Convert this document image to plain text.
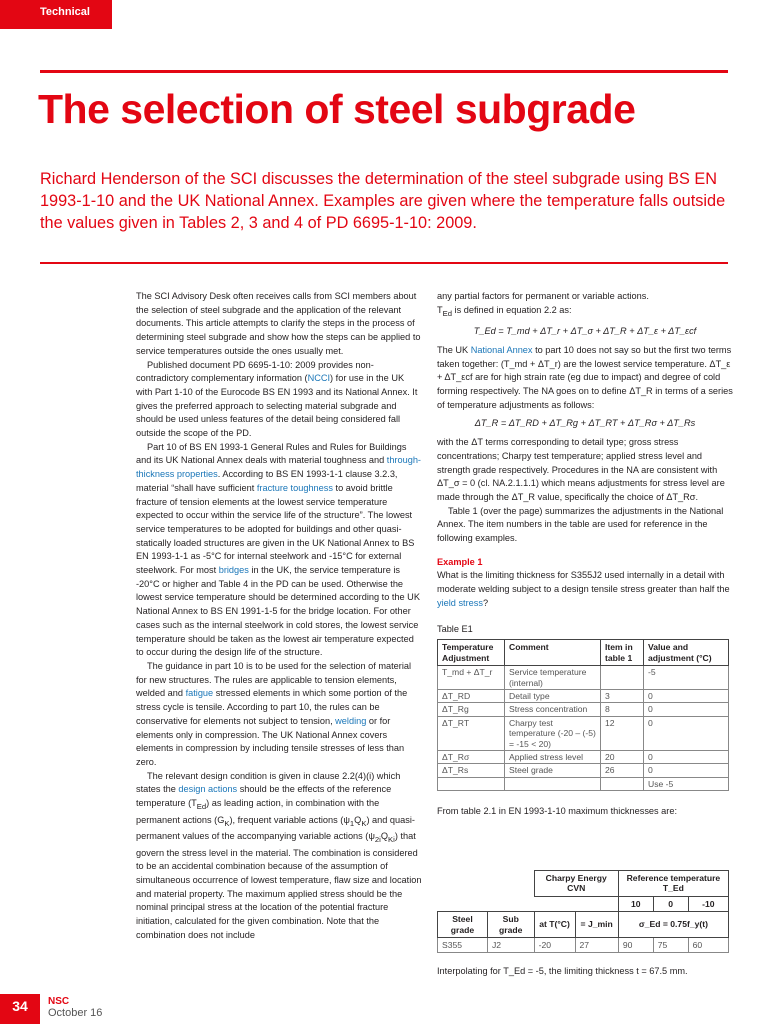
Technical
The selection of steel subgrade

Richard Henderson of the SCI discusses the determination of the steel subgrade using BS EN 1993-1-10 and the UK National Annex. Examples are given where the temperature falls outside the values given in Tables 2, 3 and 4 of PD 6695-1-10: 2009.

The SCI Advisory Desk often receives calls from SCI members about the selection of steel subgrade and the application of the relevant documents. This article attempts to clarify the steps in the process of determining steel subgrade and show how the steps can be applied to service temperatures outside the ones usually met.

Published document PD 6695-1-10: 2009 provides non-contradictory complementary information (NCCI) for use in the UK with Part 1-10 of the Eurocode BS EN 1993 and its National Annex. It gives the preferred approach to selecting material subgrade and should be used unless features of the detail being considered fall outside the scope of the PD.

Part 10 of BS EN 1993-1 General Rules and Rules for Buildings and its UK National Annex deals with material toughness and through-thickness properties. According to BS EN 1993-1-1 clause 3.2.3, material “shall have sufficient fracture toughness to avoid brittle fracture of tension elements at the lowest service temperature expected to occur within the service life of the structure”. The lowest service temperatures to be adopted for buildings and other quasi-statically loaded structures are given in the UK National Annex to BS EN 1993-1-1 as -5°C for internal steelwork and -15°C for external steelwork. For most bridges in the UK, the service temperature is -20°C or higher and Table 4 in the PD can be used. Otherwise the lowest service temperature should be determined according to the UK National Annex to BS EN 1991-1-5 for the bridge location. For other cases such as the internal steelwork in cold stores, the lowest service temperature should be taken as the lowest air temperature expected to occur during the design life of the structure.

The guidance in part 10 is to be used for the selection of material for new structures. The rules are applicable to tension elements, welded and fatigue stressed elements in which some portion of the stress cycle is tensile. According to part 10, the rules can be conservative for elements not subject to tension, welding or for elements only in compression. The UK National Annex covers elements in compression by including tensile stresses of less than zero.

The relevant design condition is given in clause 2.2(4)(i) which states the design actions should be the effects of the reference temperature $(T_{Ed})$ as leading action, in combination with the permanent actions $(G_K)$, frequent variable actions $(\psi_1Q_K)$ and quasi-permanent values of the accompanying variable actions $(\psi_{2i}Q_{Ki})$ that govern the stress level in the material. The combination is considered to be an accidental combination because of the assumption of simultaneous occurrence of lowest temperature, flaw size and location and material property. The maximum applied stress should be the nominal principal stress at the location of the potential fracture initiation, calculated for the given combination. Note that the combination does not include

any partial factors for permanent or variable actions.

$T_{Ed}$ is defined in equation 2.2 as:

T_Ed = T_md + ΔT_r + ΔT_σ + ΔT_R + ΔT_ε + ΔT_εcf

The UK National Annex to part 10 does not say so but the first two terms taken together: (T_md + ΔT_r) are the lowest service temperature. ΔT_ε + ΔT_εcf are for high strain rate (eg due to impact) and degree of cold forming respectively. The NA goes on to define ΔT_R in terms of a series of temperature adjustments as follows:

ΔT_R = ΔT_RD + ΔT_Rg + ΔT_RT + ΔT_Rσ + ΔT_Rs

with the ΔT terms corresponding to detail type; gross stress concentrations; Charpy test temperature; applied stress level and strength grade respectively. Procedures in the NA are consistent with ΔT_σ = 0 (cl. NA.2.1.1.1) which means adjustments for stress level are made through the ΔT_R value, specifically the choice of ΔT_Rσ.

Table 1 (over the page) summarizes the adjustments in the National Annex. The item numbers in the table are used for reference in the following examples.

Example 1

What is the limiting thickness for S355J2 used internally in a detail with moderate welding subject to a design tensile stress greater than half the yield stress?

Table E1

Temperature Adjustment	Comment	Item in table 1	Value and adjustment (°C)
T_md + ΔT_r	Service temperature (internal)		-5
ΔT_RD	Detail type	3	0
ΔT_Rg	Stress concentration	8	0
ΔT_RT	Charpy test temperature (-20 – (-5) = -15 < 20)	12	0
ΔT_Rσ	Applied stress level	20	0
ΔT_Rs	Steel grade	26	0
			Use -5

From table 2.1 in EN 1993-1-10 maximum thicknesses are:

		Charpy Energy CVN		Reference temperature T_Ed		
				10	0	-10
Steel grade	Sub grade	at T(°C)	= J_min	σ_Ed = 0.75f_y(t)		
S355	J2	-20	27	90	75	60

Interpolating for T_Ed = -5, the limiting thickness t = 67.5 mm.

34	NSC
October 16
